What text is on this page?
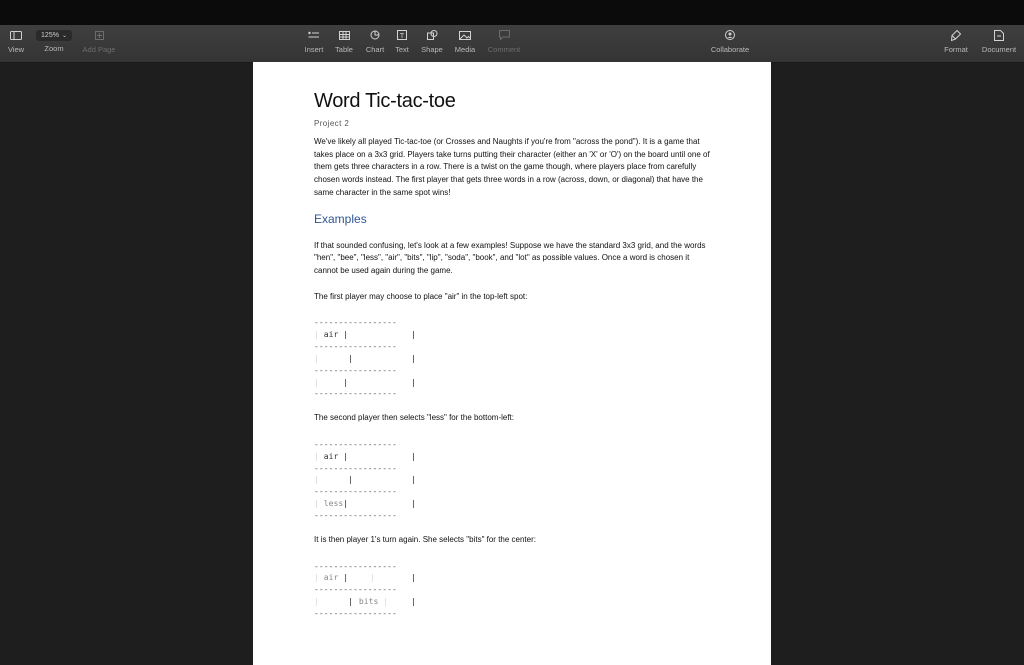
View
125% ⌄
Zoom	Add Page	Insert Table Chart
T
Text Shape Media Comment	Collaborate	Format Document
Word Tic-tac-toe
Project 2

We've likely all played Tic-tac-toe (or Crosses and Naughts if you're from "across the pond"). It is a game that takes place on a 3x3 grid. Players take turns putting their character (either an 'X' or 'O') on the board until one of them gets three characters in a row. There is a twist on the game though, where players place from carefully chosen words instead. The first player that gets three words in a row (across, down, or diagonal) that have the same character in the same spot wins!

Examples

If that sounded confusing, let's look at a few examples! Suppose we have the standard 3x3 grid, and the words "hen", "bee", "less", "air", "bits", "lip", "soda", "book", and "lot" as possible values. Once a word is chosen it cannot be used again during the game.

The first player may choose to place "air" in the top-left spot:

-----------------
| air |	|
-----------------
|	|	|
-----------------
|     |	|
-----------------

The second player then selects "less" for the bottom-left:

-----------------
| air |	|
-----------------
|	|	|
-----------------
| less|	|
-----------------

It is then player 1's turn again. She selects "bits" for the center:

-----------------
| air |	|	|
-----------------
|	| bits |	|
-----------------
